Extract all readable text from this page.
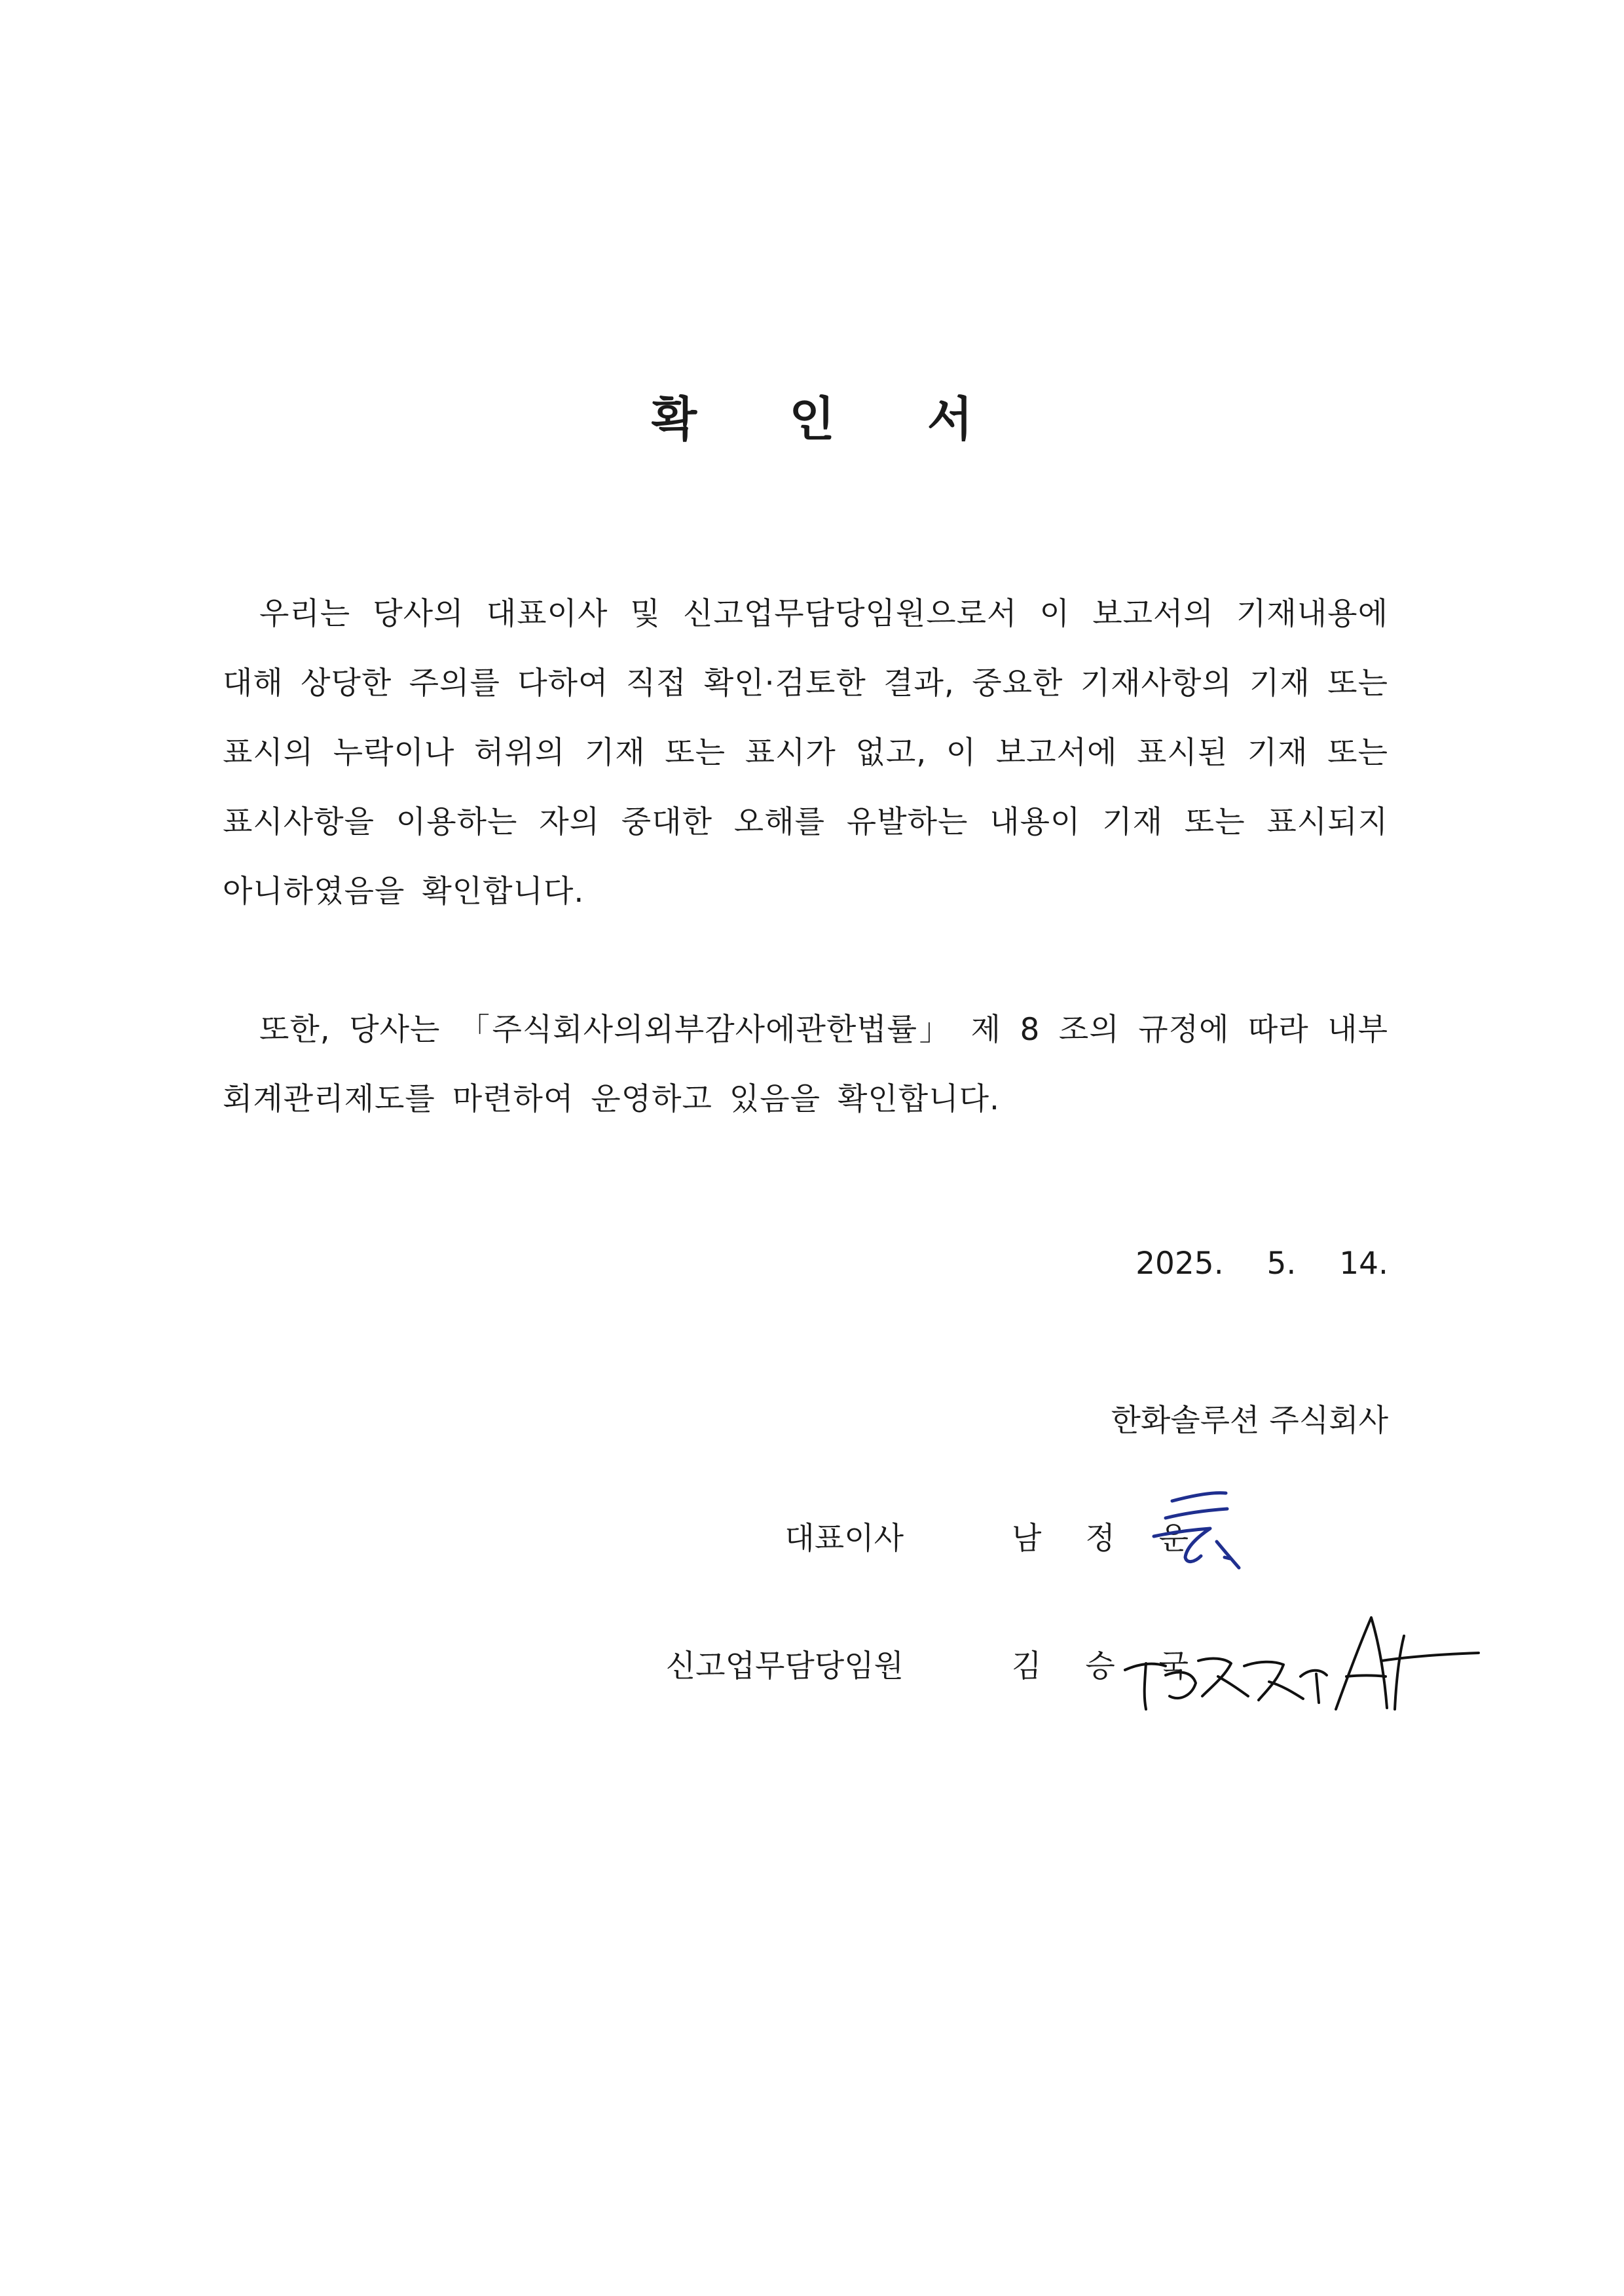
확 인 서
우리는 당사의 대표이사 및 신고업무담당임원으로서 이 보고서의 기재내용에 대해 상당한 주의를 다하여 직접 확인·검토한 결과, 중요한 기재사항의 기재 또는 표시의 누락이나 허위의 기재 또는 표시가 없고, 이 보고서에 표시된 기재 또는 표시사항을 이용하는 자의 중대한 오해를 유발하는 내용이 기재 또는 표시되지 아니하였음을 확인합니다.
또한, 당사는 「주식회사의외부감사에관한법률」 제 8 조의 규정에 따라 내부회계관리제도를 마련하여 운영하고 있음을 확인합니다.
2025.  5.  14.
한화솔루션 주식회사
대표이사	남 정 운
신고업무담당임원	김 승 국
